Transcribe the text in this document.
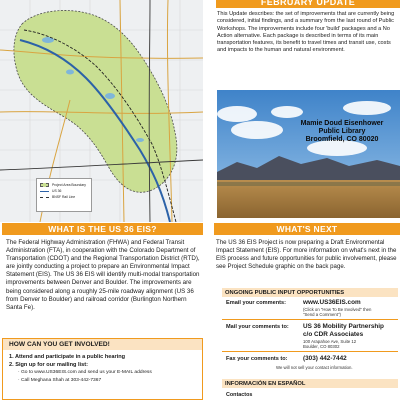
Project Area Boundary
US 36
BNSF Rail Line
FEBRUARY UPDATE

This Update describes: the set of improvements that are currently being considered, initial findings, and a summary from the last round of Public Workshops. The improvements include four 'build' packages and a No Action alternative. Each package is described in terms of its main transportation features, its benefit to travel times and transit use, costs and impacts to the human and natural environment.

Mamie Doud Eisenhower
Public Library
Broomfield, CO 80020
WHAT IS THE US 36 EIS?

The Federal Highway Administration (FHWA) and Federal Transit Administration (FTA), in cooperation with the Colorado Department of Transportation (CDOT) and the Regional Transportation District (RTD), are jointly conducting a project to prepare an Environmental Impact Statement (EIS). The US 36 EIS will identify multi-modal transportation improvements between Denver and Boulder. The improvements are being considered along a roughly 25-mile roadway alignment (US 36 from Denver to Boulder) and railroad corridor (Burlington Northern Santa Fe).

WHAT'S NEXT

The US 36 EIS Project is now preparing a Draft Environmental Impact Statement (EIS). For more information on what's next in the EIS process and future opportunities for public involvement, please see Project Schedule graphic on the back page.

HOW CAN YOU GET INVOLVED!
1. Attend and participate in a public hearing
2. Sign up for our mailing list:
· Go to www.US36EIS.com and send us your E-MAIL address
· Call Meghana Shah at 303-442-7367
ONGOING PUBLIC INPUT OPPORTUNITIES
Email your comments:	www.US36EIS.com
(Click on "How To Be Involved" then
"Send a Comment")
Mail your comments to: US 36 Mobility Partnership
c/o CDR Associates
100 Arapahoe Ave, Suite 12
Boulder, CO 80302
Fax your comments to: (303) 442-7442
We will not sell your contact information.
INFORMACIÓN EN ESPAÑOL
Contactos
